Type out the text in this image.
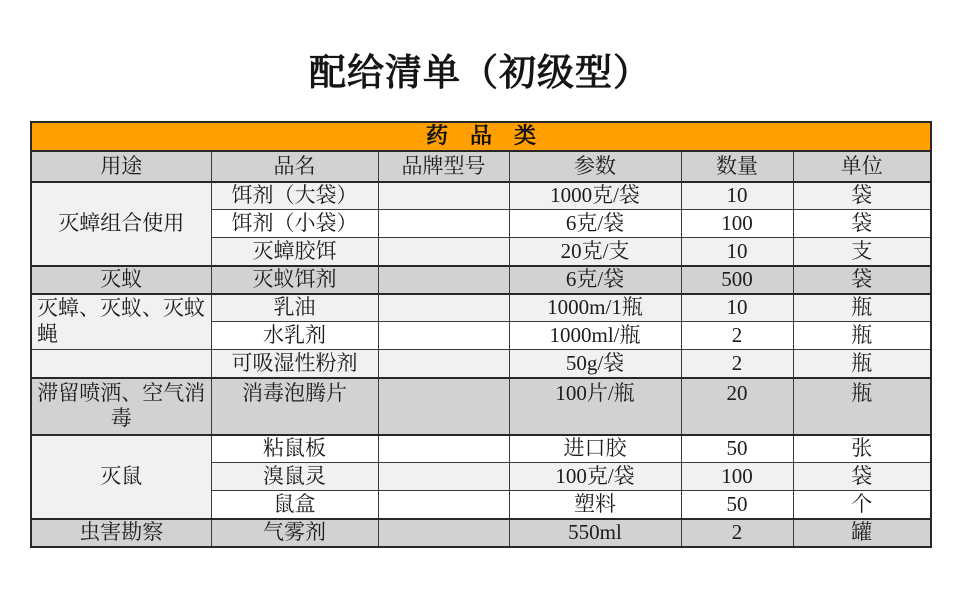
配给清单（初级型）
药　品　类					
用途	品名	品牌型号	参数	数量	单位
灭蟑组合使用	饵剂（大袋）		1000克/袋	10	袋
	饵剂（小袋）		6克/袋	100	袋
	灭蟑胶饵		20克/支	10	支
灭蚁	灭蚁饵剂		6克/袋	500	袋
灭蟑、灭蚁、灭蚊蝇	乳油		1000m/1瓶	10	瓶
	水乳剂		1000ml/瓶	2	瓶
	可吸湿性粉剂		50g/袋	2	瓶
滞留喷洒、空气消毒	消毒泡腾片		100片/瓶	20	瓶
灭鼠	粘鼠板		进口胶	50	张
	溴鼠灵		100克/袋	100	袋
	鼠盒		塑料	50	个
虫害勘察	气雾剂		550ml	2	罐
